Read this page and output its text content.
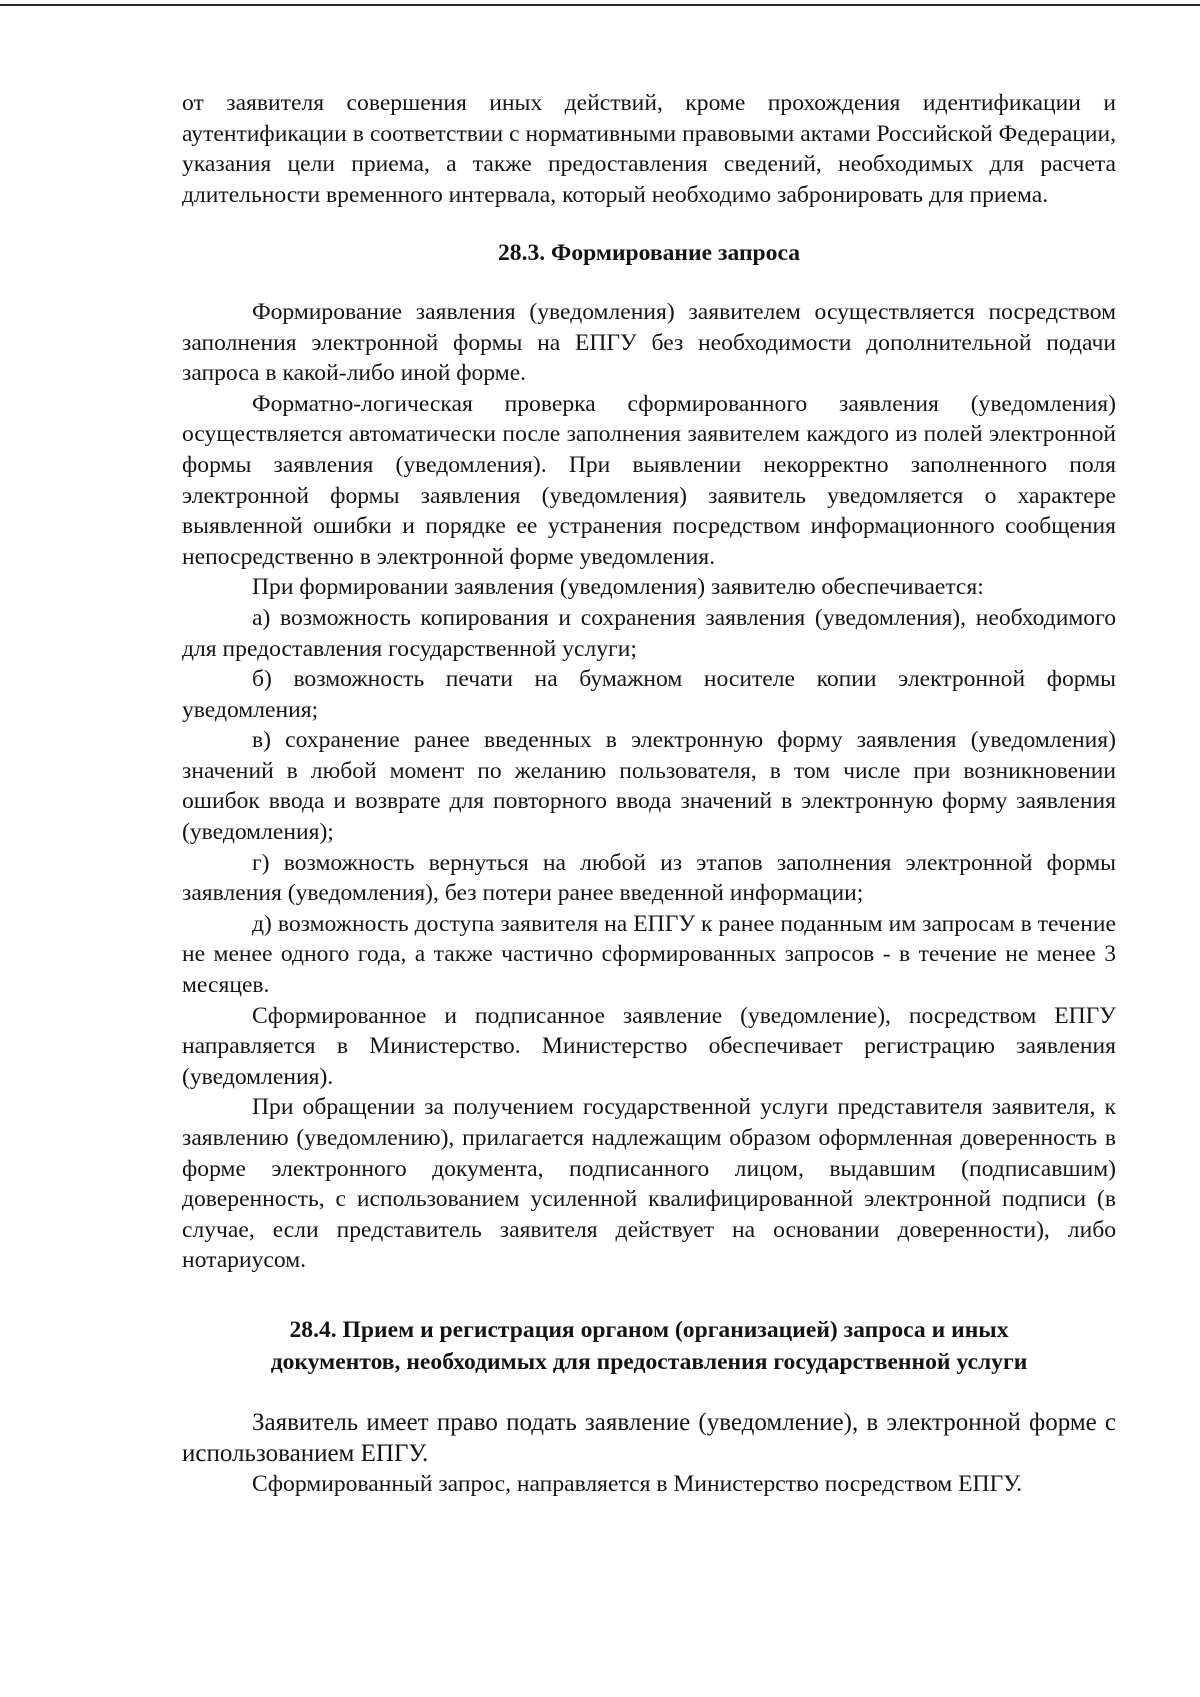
от заявителя совершения иных действий, кроме прохождения идентификации и аутентификации в соответствии с нормативными правовыми актами Российской Федерации, указания цели приема, а также предоставления сведений, необходимых для расчета длительности временного интервала, который необходимо забронировать для приема.

28.3. Формирование запроса

Формирование заявления (уведомления) заявителем осуществляется посредством заполнения электронной формы на ЕПГУ без необходимости дополнительной подачи запроса в какой-либо иной форме.

Форматно-логическая проверка сформированного заявления (уведомления) осуществляется автоматически после заполнения заявителем каждого из полей электронной формы заявления (уведомления). При выявлении некорректно заполненного поля электронной формы заявления (уведомления) заявитель уведомляется о характере выявленной ошибки и порядке ее устранения посредством информационного сообщения непосредственно в электронной форме уведомления.

При формировании заявления (уведомления) заявителю обеспечивается:

а) возможность копирования и сохранения заявления (уведомления), необходимого для предоставления государственной услуги;

б) возможность печати на бумажном носителе копии электронной формы уведомления;

в) сохранение ранее введенных в электронную форму заявления (уведомления) значений в любой момент по желанию пользователя, в том числе при возникновении ошибок ввода и возврате для повторного ввода значений в электронную форму заявления (уведомления);

г) возможность вернуться на любой из этапов заполнения электронной формы заявления (уведомления), без потери ранее введенной информации;

д) возможность доступа заявителя на ЕПГУ к ранее поданным им запросам в течение не менее одного года, а также частично сформированных запросов - в течение не менее 3 месяцев.

Сформированное и подписанное заявление (уведомление), посредством ЕПГУ направляется в Министерство. Министерство обеспечивает регистрацию заявления (уведомления).

При обращении за получением государственной услуги представителя заявителя, к заявлению (уведомлению), прилагается надлежащим образом оформленная доверенность в форме электронного документа, подписанного лицом, выдавшим (подписавшим) доверенность, с использованием усиленной квалифицированной электронной подписи (в случае, если представитель заявителя действует на основании доверенности), либо нотариусом.

28.4. Прием и регистрация органом (организацией) запроса и иных
документов, необходимых для предоставления государственной услуги

Заявитель имеет право подать заявление (уведомление), в электронной форме с использованием ЕПГУ.

Сформированный запрос, направляется в Министерство посредством ЕПГУ.
